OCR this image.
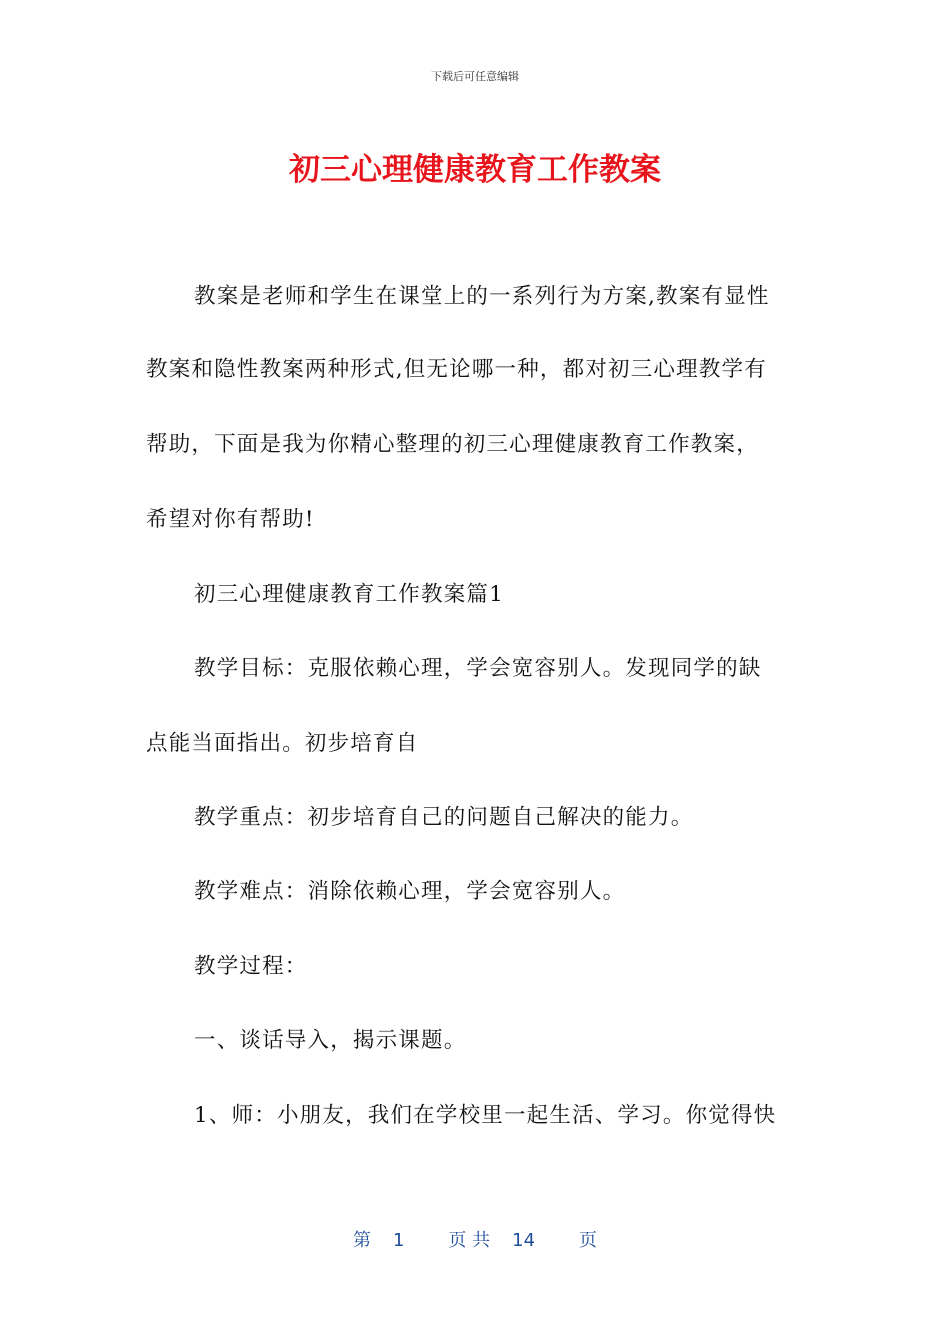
下载后可任意编辑
初三心理健康教育工作教案
教案是老师和学生在课堂上的一系列行为方案,教案有显性
教案和隐性教案两种形式,但无论哪一种，都对初三心理教学有
帮助，下面是我为你精心整理的初三心理健康教育工作教案，
希望对你有帮助!
初三心理健康教育工作教案篇1
教学目标：克服依赖心理，学会宽容别人。发现同学的缺
点能当面指出。初步培育自
教学重点：初步培育自己的问题自己解决的能力。
教学难点：消除依赖心理，学会宽容别人。
教学过程：
一、谈话导入，揭示课题。
1、师：小朋友，我们在学校里一起生活、学习。你觉得快
第 1 页 共 14 页
